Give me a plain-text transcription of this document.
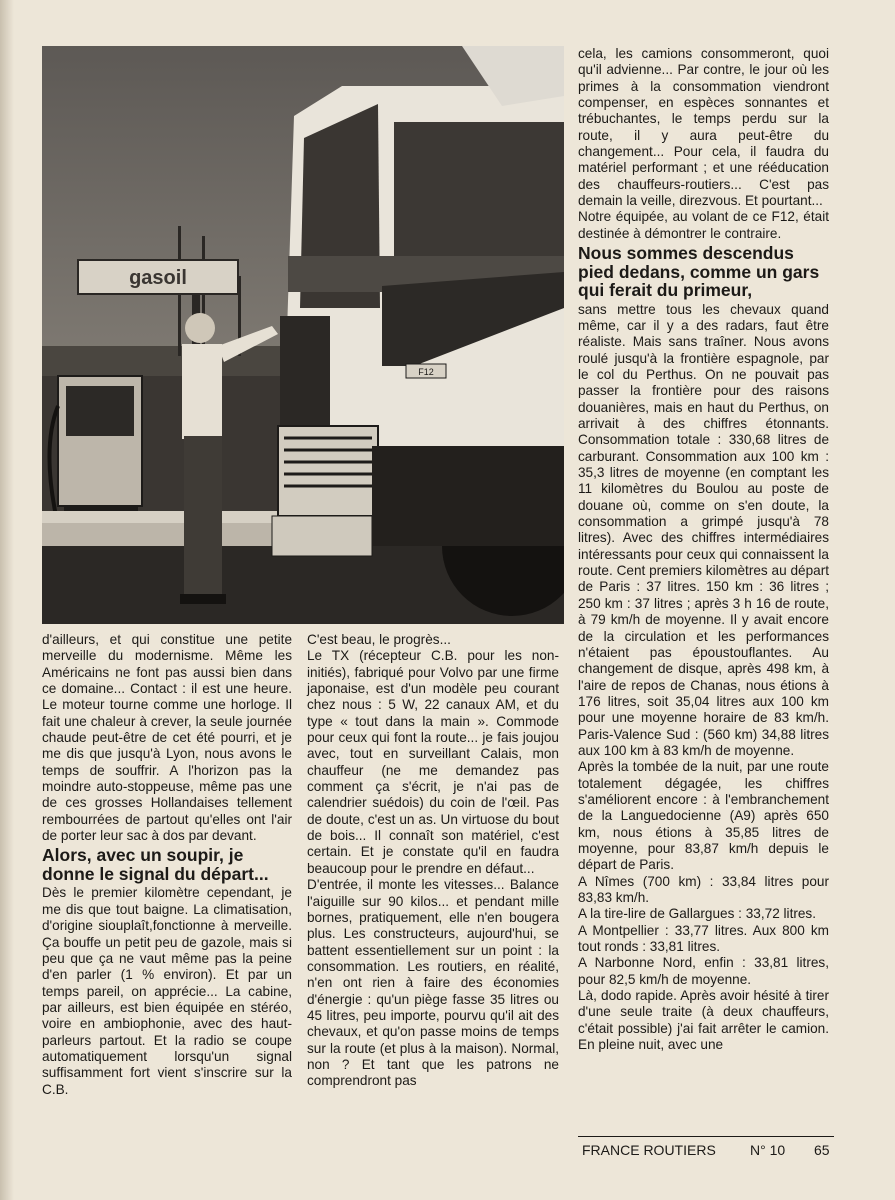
gasoil
F12

d'ailleurs, et qui constitue une petite merveille du modernisme. Même les Américains ne font pas aussi bien dans ce domaine... Contact : il est une heure. Le moteur tourne comme une horloge. Il fait une chaleur à crever, la seule journée chaude peut-être de cet été pourri, et je me dis que jusqu'à Lyon, nous avons le temps de souffrir. A l'horizon pas la moindre auto-stoppeuse, même pas une de ces grosses Hollandaises tellement rembourrées de partout qu'elles ont l'air de porter leur sac à dos par devant.

Alors, avec un soupir, je donne le signal du départ...

Dès le premier kilomètre cependant, je me dis que tout baigne. La climatisation, d'origine siouplaît,fonctionne à merveille. Ça bouffe un petit peu de gazole, mais si peu que ça ne vaut même pas la peine d'en parler (1 % environ). Et par un temps pareil, on apprécie... La cabine, par ailleurs, est bien équipée en stéréo, voire en ambiophonie, avec des haut-parleurs partout. Et la radio se coupe automatiquement lorsqu'un signal suffisamment fort vient s'inscrire sur la C.B.

C'est beau, le progrès...

Le TX (récepteur C.B. pour les non-initiés), fabriqué pour Volvo par une firme japonaise, est d'un modèle peu courant chez nous : 5 W, 22 canaux AM, et du type « tout dans la main ». Commode pour ceux qui font la route... je fais joujou avec, tout en surveillant Calais, mon chauffeur (ne me demandez pas comment ça s'écrit, je n'ai pas de calendrier suédois) du coin de l'œil. Pas de doute, c'est un as. Un virtuose du bout de bois... Il connaît son matériel, c'est certain. Et je constate qu'il en faudra beaucoup pour le prendre en défaut...

D'entrée, il monte les vitesses... Balance l'aiguille sur 90 kilos... et pendant mille bornes, pratiquement, elle n'en bougera plus. Les constructeurs, aujourd'hui, se battent essentiellement sur un point : la consommation. Les routiers, en réalité, n'en ont rien à faire des économies d'énergie : qu'un piège fasse 35 litres ou 45 litres, peu importe, pourvu qu'il ait des chevaux, et qu'on passe moins de temps sur la route (et plus à la maison). Normal, non ? Et tant que les patrons ne comprendront pas

cela, les camions consommeront, quoi qu'il advienne... Par contre, le jour où les primes à la consommation viendront compenser, en espèces sonnantes et trébuchantes, le temps perdu sur la route, il y aura peut-être du changement... Pour cela, il faudra du matériel performant ; et une rééducation des chauffeurs-routiers... C'est pas demain la veille, direzvous. Et pourtant...

Notre équipée, au volant de ce F12, était destinée à démontrer le contraire.

Nous sommes descendus pied dedans, comme un gars qui ferait du primeur,

sans mettre tous les chevaux quand même, car il y a des radars, faut être réaliste. Mais sans traîner. Nous avons roulé jusqu'à la frontière espagnole, par le col du Perthus. On ne pouvait pas passer la frontière pour des raisons douanières, mais en haut du Perthus, on arrivait à des chiffres étonnants. Consommation totale : 330,68 litres de carburant. Consommation aux 100 km : 35,3 litres de moyenne (en comptant les 11 kilomètres du Boulou au poste de douane où, comme on s'en doute, la consommation a grimpé jusqu'à 78 litres). Avec des chiffres intermédiaires intéressants pour ceux qui connaissent la route. Cent premiers kilomètres au départ de Paris : 37 litres. 150 km : 36 litres ; 250 km : 37 litres ; après 3 h 16 de route, à 79 km/h de moyenne. Il y avait encore de la circulation et les performances n'étaient pas époustouflantes. Au changement de disque, après 498 km, à l'aire de repos de Chanas, nous étions à 176 litres, soit 35,04 litres aux 100 km pour une moyenne horaire de 83 km/h. Paris-Valence Sud : (560 km) 34,88 litres aux 100 km à 83 km/h de moyenne.

Après la tombée de la nuit, par une route totalement dégagée, les chiffres s'améliorent encore : à l'embranchement de la Languedocienne (A9) après 650 km, nous étions à 35,85 litres de moyenne, pour 83,87 km/h depuis le départ de Paris.

A Nîmes (700 km) : 33,84 litres pour 83,83 km/h.

A la tire-lire de Gallargues : 33,72 litres.

A Montpellier : 33,77 litres. Aux 800 km tout ronds : 33,81 litres.

A Narbonne Nord, enfin : 33,81 litres, pour 82,5 km/h de moyenne.

Là, dodo rapide. Après avoir hésité à tirer d'une seule traite (à deux chauffeurs, c'était possible) j'ai fait arrêter le camion. En pleine nuit, avec une

FRANCE ROUTIERS N° 10 65
